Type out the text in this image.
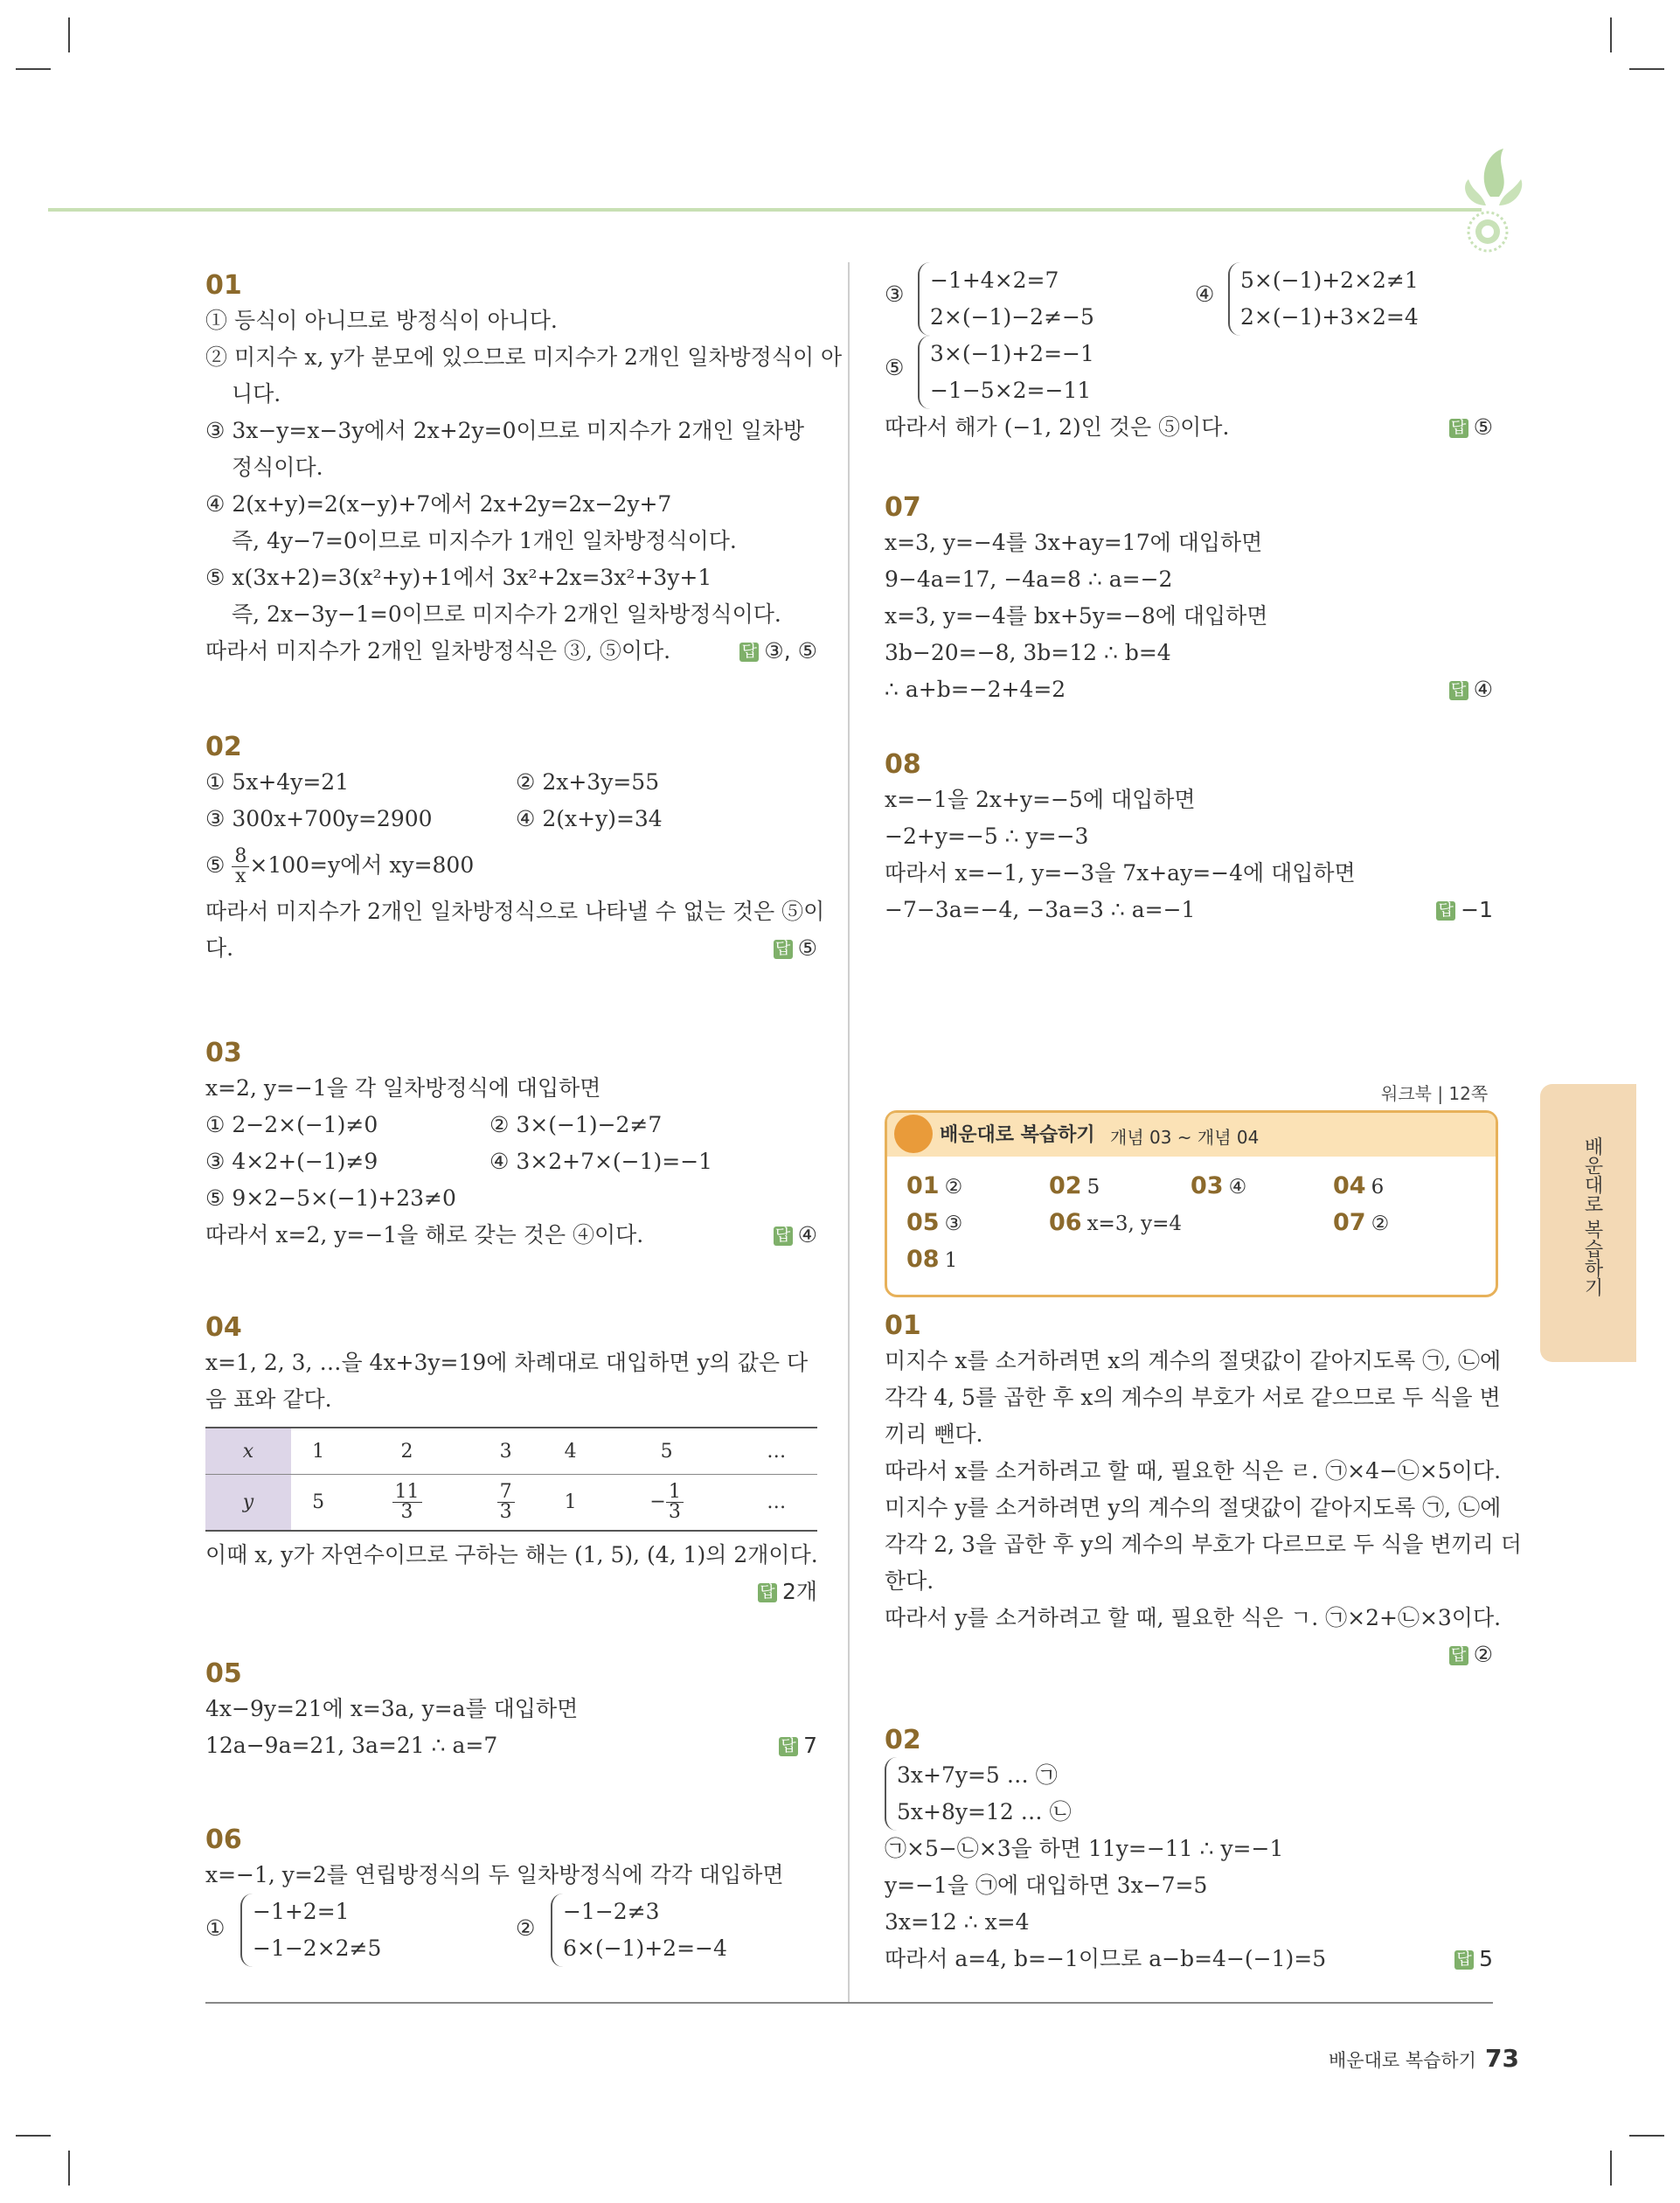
01
① 등식이 아니므로 방정식이 아니다.
② 미지수 x, y가 분모에 있으므로 미지수가 2개인 일차방정식이 아
니다.
③ 3x−y=x−3y에서 2x+2y=0이므로 미지수가 2개인 일차방
정식이다.
④ 2(x+y)=2(x−y)+7에서 2x+2y=2x−2y+7
즉, 4y−7=0이므로 미지수가 1개인 일차방정식이다.
⑤ x(3x+2)=3(x²+y)+1에서 3x²+2x=3x²+3y+1
즉, 2x−3y−1=0이므로 미지수가 2개인 일차방정식이다.
따라서 미지수가 2개인 일차방정식은 ③, ⑤이다.	답 ③, ⑤
02
① 5x+4y=21	② 2x+3y=55
③ 300x+700y=2900	④ 2(x+y)=34
⑤ $\frac{8}{x} \times 100=y$에서 xy=800
따라서 미지수가 2개인 일차방정식으로 나타낼 수 없는 것은 ⑤이
다.	답 ⑤
03
x=2, y=−1을 각 일차방정식에 대입하면
① 2−2×(−1)≠0	② 3×(−1)−2≠7
③ 4×2+(−1)≠9	④ 3×2+7×(−1)=−1
⑤ 9×2−5×(−1)+23≠0
따라서 x=2, y=−1을 해로 갖는 것은 ④이다.	답 ④
04
x=1, 2, 3, …을 4x+3y=19에 차례대로 대입하면 y의 값은 다
음 표와 같다.
x	1	2	3	4	5	…
y	5	$\frac{11}{3}$	$\frac{7}{3}$	1	− $\frac{1}{3}$	…
이때 x, y가 자연수이므로 구하는 해는 (1, 5), (4, 1)의 2개이다.
답 2개
05
4x−9y=21에 x=3a, y=a를 대입하면
12a−9a=21, 3a=21 ∴ a=7	답 7
06
x=−1, y=2를 연립방정식의 두 일차방정식에 각각 대입하면
①
−1+2=1
−1−2×2≠5
②
−1−2≠3
6×(−1)+2=−4
③
−1+4×2=7
2×(−1)−2≠−5
④
5×(−1)+2×2≠1
2×(−1)+3×2=4
⑤
3×(−1)+2=−1
−1−5×2=−11
따라서 해가 (−1, 2)인 것은 ⑤이다.	답 ⑤
07
x=3, y=−4를 3x+ay=17에 대입하면
9−4a=17, −4a=8 ∴ a=−2
x=3, y=−4를 bx+5y=−8에 대입하면
3b−20=−8, 3b=12 ∴ b=4
∴ a+b=−2+4=2	답 ④
08
x=−1을 2x+y=−5에 대입하면
−2+y=−5 ∴ y=−3
따라서 x=−1, y=−3을 7x+ay=−4에 대입하면
−7−3a=−4, −3a=3 ∴ a=−1	답 −1
01
미지수 x를 소거하려면 x의 계수의 절댓값이 같아지도록 ㉠, ㉡에
각각 4, 5를 곱한 후 x의 계수의 부호가 서로 같으므로 두 식을 변
끼리 뺀다.
따라서 x를 소거하려고 할 때, 필요한 식은 ㄹ. ㉠×4−㉡×5이다.
미지수 y를 소거하려면 y의 계수의 절댓값이 같아지도록 ㉠, ㉡에
각각 2, 3을 곱한 후 y의 계수의 부호가 다르므로 두 식을 변끼리 더
한다.
따라서 y를 소거하려고 할 때, 필요한 식은 ㄱ. ㉠×2+㉡×3이다.
답 ②
02
3x+7y=5 … ㉠
5x+8y=12 … ㉡
㉠×5−㉡×3을 하면 11y=−11 ∴ y=−1
y=−1을 ㉠에 대입하면 3x−7=5
3x=12 ∴ x=4
따라서 a=4, b=−1이므로 a−b=4−(−1)=5	답 5
워크북 | 12쪽
배운대로 복습하기 개념 03 ~ 개념 04
01 ②	02 5	03 ④	04 6
05 ③	06 x=3, y=4	07 ②
08 1	배운대로 복습하기
배운대로 복습하기 73
